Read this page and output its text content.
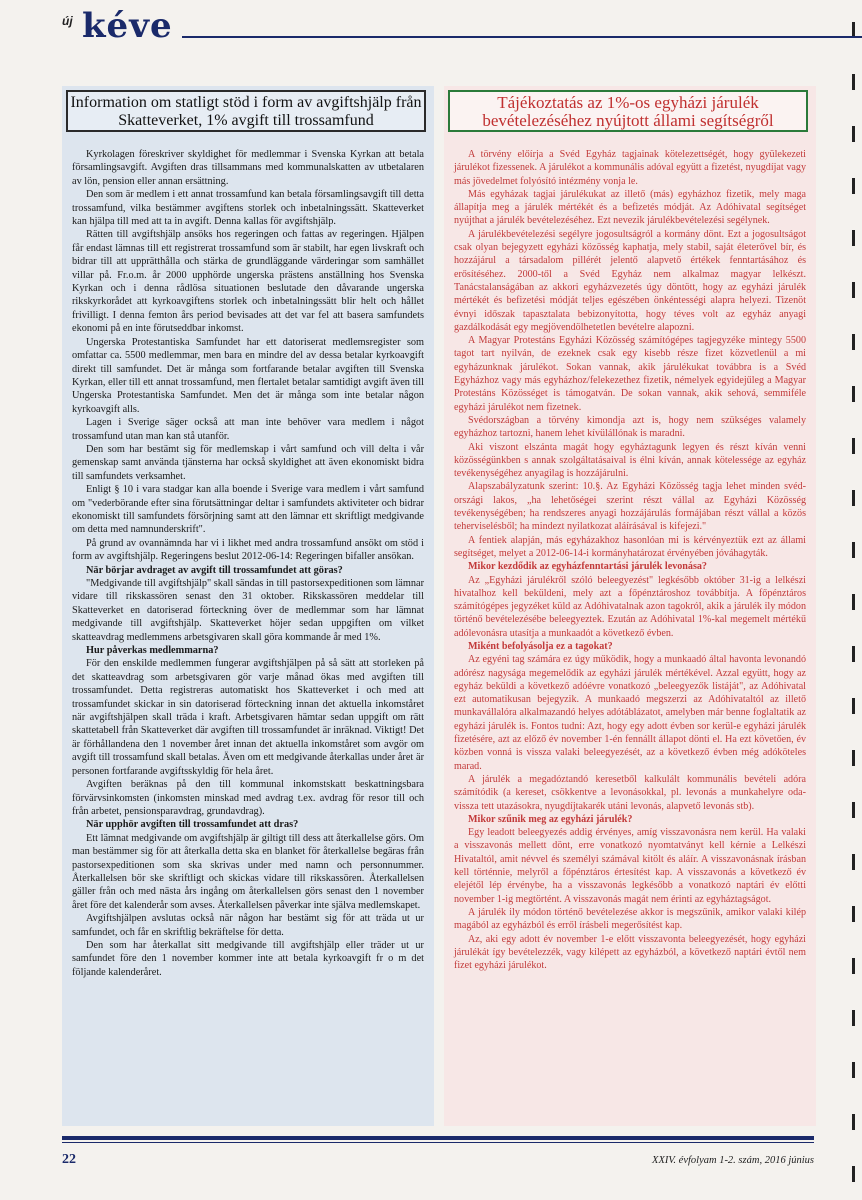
új kéve
Information om statligt stöd i form av avgiftshjälp från Skatteverket, 1% avgift till trossamfund

Kyrkolagen föreskriver skyldighet för medlemmar i Svenska Kyrkan att betala församlingsavgift. Avgiften dras tillsammans med kommunalskatten av utbetalaren av lön, pension eller annan ersättning.

Den som är medlem i ett annat trossamfund kan betala församlingsavgift till detta trossamfund, vilka bestämmer avgiftens storlek och inbetalningssätt. Skatteverket kan hjälpa till med att ta in avgift. Denna kallas för avgiftshjälp.

Rätten till avgiftshjälp ansöks hos regeringen och fattas av regeringen. Hjälpen får endast lämnas till ett registrerat trossamfund som är stabilt, har egen livskraft och bidrar till att upprätthålla och stärka de grundläggande värderingar som samhället villar på. Fr.o.m. år 2000 upphörde ungerska prästens anställning hos Svenska Kyrkan och i denna rådlösa situationen beslutade den dåvarande ungerska rikskyrkorådet att kyrkoavgiftens storlek och inbetalningssätt blir helt och hållet frivilligt. I denna femton års period bevisades att det var fel att basera samfundets ekonomi på en inte förutseddbar inkomst.

Ungerska Protestantiska Samfundet har ett datoriserat medlemsregister som omfattar ca. 5500 medlemmar, men bara en mindre del av dessa betalar kyrkoavgift direkt till samfundet. Det är många som fortfarande betalar avgiften till Svenska Kyrkan, eller till ett annat trossamfund, men flertalet betalar samtidigt avgift även till Ungerska Protestantiska Samfundet. Men det är många som inte betalar någon kyrkoavgift alls.

Lagen i Sverige säger också att man inte behöver vara medlem i något trossamfund utan man kan stå utanför.

Den som har bestämt sig för medlemskap i vårt samfund och vill delta i vår gemenskap samt använda tjänsterna har också skyldighet att även ekonomiskt bidra till samfundets verksamhet.

Enligt § 10 i vara stadgar kan alla boende i Sverige vara medlem i vårt samfund om "vederbörande efter sina förutsättningar deltar i samfundets aktiviteter och bidrar ekonomiskt till samfundets försörjning samt att den lämnar ett skriftligt medgivande om detta med namnunderskrift".

På grund av ovannämnda har vi i likhet med andra trossamfund ansökt om stöd i form av avgiftshjälp. Regeringens beslut 2012-06-14: Regeringen bifaller ansökan.

När börjar avdraget av avgift till trossamfundet att göras?

"Medgivande till avgiftshjälp" skall sändas in till pastorsexpeditionen som lämnar vidare till rikskassören senast den 31 oktober. Rikskassören meddelar till Skatteverket en datoriserad förteckning över de medlemmar som har lämnat medgivande till avgiftshjälp. Skatteverket höjer sedan uppgiften om vilket skatteavdrag medlemmens arbetsgivaren skall göra kommande år med 1%.

Hur påverkas medlemmarna?

För den enskilde medlemmen fungerar avgiftshjälpen på så sätt att storleken på det skatteavdrag som arbetsgivaren gör varje månad ökas med avgiften till trossamfundet. Detta registreras automatiskt hos Skatteverket i och med att trossamfundet skickar in sin datoriserad förteckning innan det aktuella inkomståret när avgiftshjälpen skall träda i kraft. Arbetsgivaren hämtar sedan uppgift om rätt skattetabell från Skatteverket där avgiften till trossamfundet är inräknad. Viktigt! Det är förhållandena den 1 november året innan det aktuella inkomståret som avgör om avgift till trossamfund skall betalas. Även om ett medgivande återkallas under året är personen fortfarande avgiftsskyldig för hela året.

Avgiften beräknas på den till kommunal inkomstskatt beskattningsbara förvärvsinkomsten (inkomsten minskad med avdrag t.ex. avdrag för resor till och från arbetet, pensionsparavdrag, grundavdrag).

När upphör avgiften till trossamfundet att dras?

Ett lämnat medgivande om avgiftshjälp är giltigt till dess att återkallelse görs. Om man bestämmer sig för att återkalla detta ska en blanket för återkallelse begäras från pastorsexpeditionen som ska skrivas under med namn och personnummer. Återkallelsen bör ske skriftligt och skickas vidare till rikskassören. Återkallelsen gäller från och med nästa års ingång om återkallelsen görs senast den 1 november året före det kalenderår som avses. Återkallelsen påverkar inte själva medlemskapet.

Avgiftshjälpen avslutas också när någon har bestämt sig för att träda ut ur samfundet, och får en skriftlig bekräftelse för detta.

Den som har återkallat sitt medgivande till avgiftshjälp eller träder ut ur samfundet före den 1 november kommer inte att betala kyrkoavgift fr o m det följande kalenderåret.

Tájékoztatás az 1%-os egyházi járulék bevételezéséhez nyújtott állami segítségről

A törvény előírja a Svéd Egyház tagjainak kötelezettségét, hogy gyülekezeti járulékot fizessenek. A járulékot a kommunális adóval együtt a fizetést, nyugdíjat vagy más jövedelmet folyósító intézmény vonja le.

Más egyházak tagjai járulékukat az illető (más) egyházhoz fizetik, mely maga állapítja meg a járulék mértékét és a befizetés módját. Az Adóhivatal segítséget nyújthat a járulék bevételezéséhez. Ezt nevezik járulékbevételezési segélynek.

A járulékbevételezési segélyre jogosultságról a kormány dönt. Ezt a jogosultságot csak olyan bejegyzett egyházi közösség kaphatja, mely stabil, saját életerővel bír, és hozzájárul a társadalom pillérét jelentő alapvető értékek fenntartásához és erősítéséhez. 2000-től a Svéd Egyház nem alkalmaz magyar lelkészt. Tanácstalanságában az akkori egyházvezetés úgy döntött, hogy az egyházi járulék mértékét és befizetési módját teljes egészében önkéntességi alapra helyezi. Tizenöt évnyi időszak tapasztalata bebizonyította, hogy téves volt az egyház anyagi gazdálkodását egy megjövendölhetetlen bevételre alapozni.

A Magyar Protestáns Egyházi Közösség számítógépes tagjegyzéke mintegy 5500 tagot tart nyilván, de ezeknek csak egy kisebb része fizet közvetlenül a mi egyházunknak járulékot. Sokan vannak, akik járulékukat továbbra is a Svéd Egyházhoz vagy más egyházhoz/felekezethez fizetik, némelyek egyidejűleg a Magyar Protestáns Közösséget is támogatván. De sokan vannak, akik sehová, semmiféle egyházi járulékot nem fizetnek.

Svédországban a törvény kimondja azt is, hogy nem szükséges valamely egyházhoz tartozni, hanem lehet kívülállónak is maradni.

Aki viszont elszánta magát hogy egyháztagunk legyen és részt kíván venni közösségünkben s annak szolgáltatásaival is élni kíván, annak kötelessége az egyház tevékenységéhez anyagilag is hozzájárulni.

Alapszabályzatunk szerint: 10.§. Az Egyházi Közösség tagja lehet minden svéd-országi lakos, „ha lehetőségei szerint részt vállal az Egyházi Közösség tevékenységében; ha rendszeres anyagi hozzájárulás formájában részt vállal a közös teherviselésből; ha mindezt nyilatkozat aláírásával is kifejezi."

A fentiek alapján, más egyházakhoz hasonlóan mi is kérvényeztük ezt az állami segítséget, melyet a 2012-06-14-i kormányhatározat érvényében jóváhagyták.

Mikor kezdődik az egyházfenntartási járulék levonása?

Az „Egyházi járulékről szóló beleegyezést" legkésőbb október 31-ig a lelkészi hivatalhoz kell beküldeni, mely azt a főpénztároshoz továbbítja. A főpénztáros számítógépes jegyzéket küld az Adóhivatalnak azon tagokról, akik a járulék ily módon történő bevételezésébe beleegyeztek. Ezután az Adóhivatal 1%-kal megemelt mértékű adólevonásra utasítja a munkaadót a következő évben.

Miként befolyásolja ez a tagokat?

Az egyéni tag számára ez úgy működik, hogy a munkaadó által havonta levonandó adórész nagysága megemelődik az egyházi járulék mértékével. Azzal együtt, hogy az egyház beküldi a következő adóévre vonatkozó „beleegyezők listáját", az Adóhivatal ezt automatikusan bejegyzik. A munkaadó megszerzi az Adóhivataltól az illető munkavállalóra alkalmazandó helyes adótáblázatot, amelyben már benne foglaltatik az egyházi járulék is. Fontos tudni: Azt, hogy egy adott évben sor kerül-e egyházi járulék fizetésére, azt az előző év november 1-én fennállt állapot dönti el. Ha ezt követően, év közben vonná is vissza valaki beleegyezését, az a következő évben még adóköteles marad.

A járulék a megadóztandó keresetből kalkulált kommunális bevételi adóra számítódik (a kereset, csökkentve a levonásokkal, pl. levonás a munkahelyre oda-vissza tett utazásokra, nyugdíjtakarék utáni levonás, alapvető levonás stb).

Mikor szűnik meg az egyházi járulék?

Egy leadott beleegyezés addig érvényes, amíg visszavonásra nem kerül. Ha valaki a visszavonás mellett dönt, erre vonatkozó nyomtatványt kell kérnie a Lelkészi Hivataltól, amit névvel és személyi számával kitölt és aláír. A visszavonásnak írásban kell történnie, melyről a főpénztáros értesítést kap. A visszavonás a következő év elejétől lép érvénybe, ha a visszavonás legkésőbb a vonatkozó naptári év előtti november 1-ig megtörtént. A visszavonás magát nem érinti az egyháztagságot.

A járulék ily módon történő bevételezése akkor is megszűnik, amikor valaki kilép magából az egyházból és erről írásbeli megerősítést kap.

Az, aki egy adott év november 1-e előtt visszavonta beleegyezését, hogy egyházi járulékát így bevételezzék, vagy kilépett az egyházból, a következő naptári évtől nem fizet egyházi járulékot.

22	XXIV. évfolyam 1-2. szám, 2016 június
